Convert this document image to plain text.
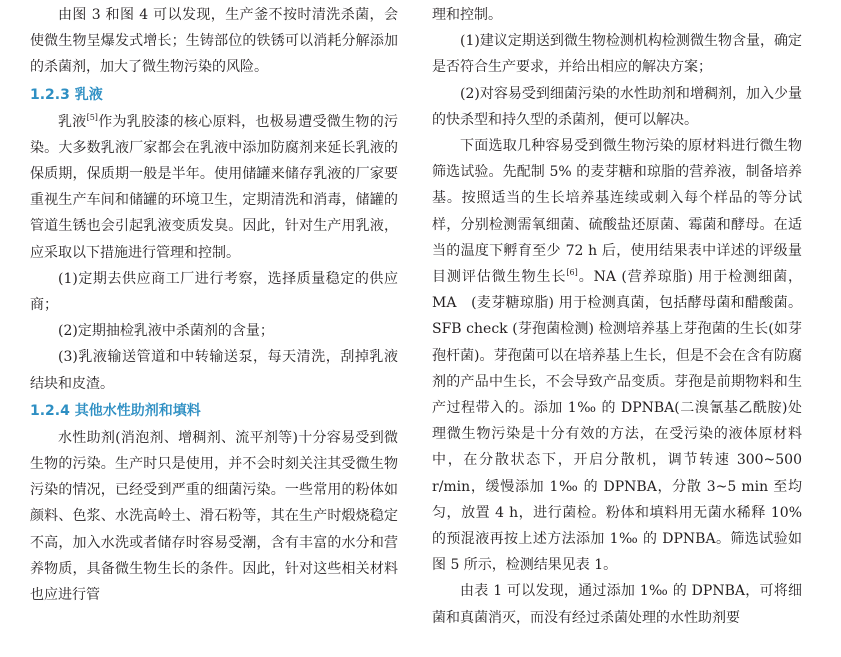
由图 3 和图 4 可以发现，生产釜不按时清洗杀菌，会使微生物呈爆发式增长；生铸部位的铁锈可以消耗分解添加的杀菌剂，加大了微生物污染的风险。

1.2.3 乳液

乳液[5]作为乳胶漆的核心原料，也极易遭受微生物的污染。大多数乳液厂家都会在乳液中添加防腐剂来延长乳液的保质期，保质期一般是半年。使用储罐来储存乳液的厂家要重视生产车间和储罐的环境卫生，定期清洗和消毒，储罐的管道生锈也会引起乳液变质发臭。因此，针对生产用乳液，应采取以下措施进行管理和控制。

(1)定期去供应商工厂进行考察，选择质量稳定的供应商；

(2)定期抽检乳液中杀菌剂的含量；

(3)乳液输送管道和中转输送泵，每天清洗，刮掉乳液结块和皮渣。

1.2.4 其他水性助剂和填料

水性助剂(消泡剂、增稠剂、流平剂等)十分容易受到微生物的污染。生产时只是使用，并不会时刻关注其受微生物污染的情况，已经受到严重的细菌污染。一些常用的粉体如颜料、色浆、水洗高岭土、滑石粉等，其在生产时煅烧稳定不高，加入水洗或者储存时容易受潮，含有丰富的水分和营养物质，具备微生物生长的条件。因此，针对这些相关材料也应进行管

理和控制。

(1)建议定期送到微生物检测机构检测微生物含量，确定是否符合生产要求，并给出相应的解决方案；

(2)对容易受到细菌污染的水性助剂和增稠剂，加入少量的快杀型和持久型的杀菌剂，便可以解决。

下面选取几种容易受到微生物污染的原材料进行微生物筛选试验。先配制 5% 的麦芽糖和琼脂的营养液，制备培养基。按照适当的生长培养基连续或刺入每个样品的等分试样，分别检测需氧细菌、硫酸盐还原菌、霉菌和酵母。在适当的温度下孵育至少 72 h 后，使用结果表中详述的评级量目测评估微生物生长[6]。NA (营养琼脂) 用于检测细菌，MA　(麦芽糖琼脂) 用于检测真菌，包括酵母菌和醋酸菌。SFB check (芽孢菌检测) 检测培养基上芽孢菌的生长(如芽孢杆菌)。芽孢菌可以在培养基上生长，但是不会在含有防腐剂的产品中生长，不会导致产品变质。芽孢是前期物料和生产过程带入的。添加 1‰ 的 DPNBA(二溴氰基乙酰胺)处理微生物污染是十分有效的方法，在受污染的液体原材料中，在分散状态下，开启分散机，调节转速 300~500 r/min，缓慢添加 1‰ 的 DPNBA，分散 3~5 min 至均匀，放置 4 h，进行菌检。粉体和填料用无菌水稀释 10% 的预混液再按上述方法添加 1‰ 的 DPNBA。筛选试验如图 5 所示，检测结果见表 1。

由表 1 可以发现，通过添加 1‰ 的 DPNBA，可将细菌和真菌消灭，而没有经过杀菌处理的水性助剂要
